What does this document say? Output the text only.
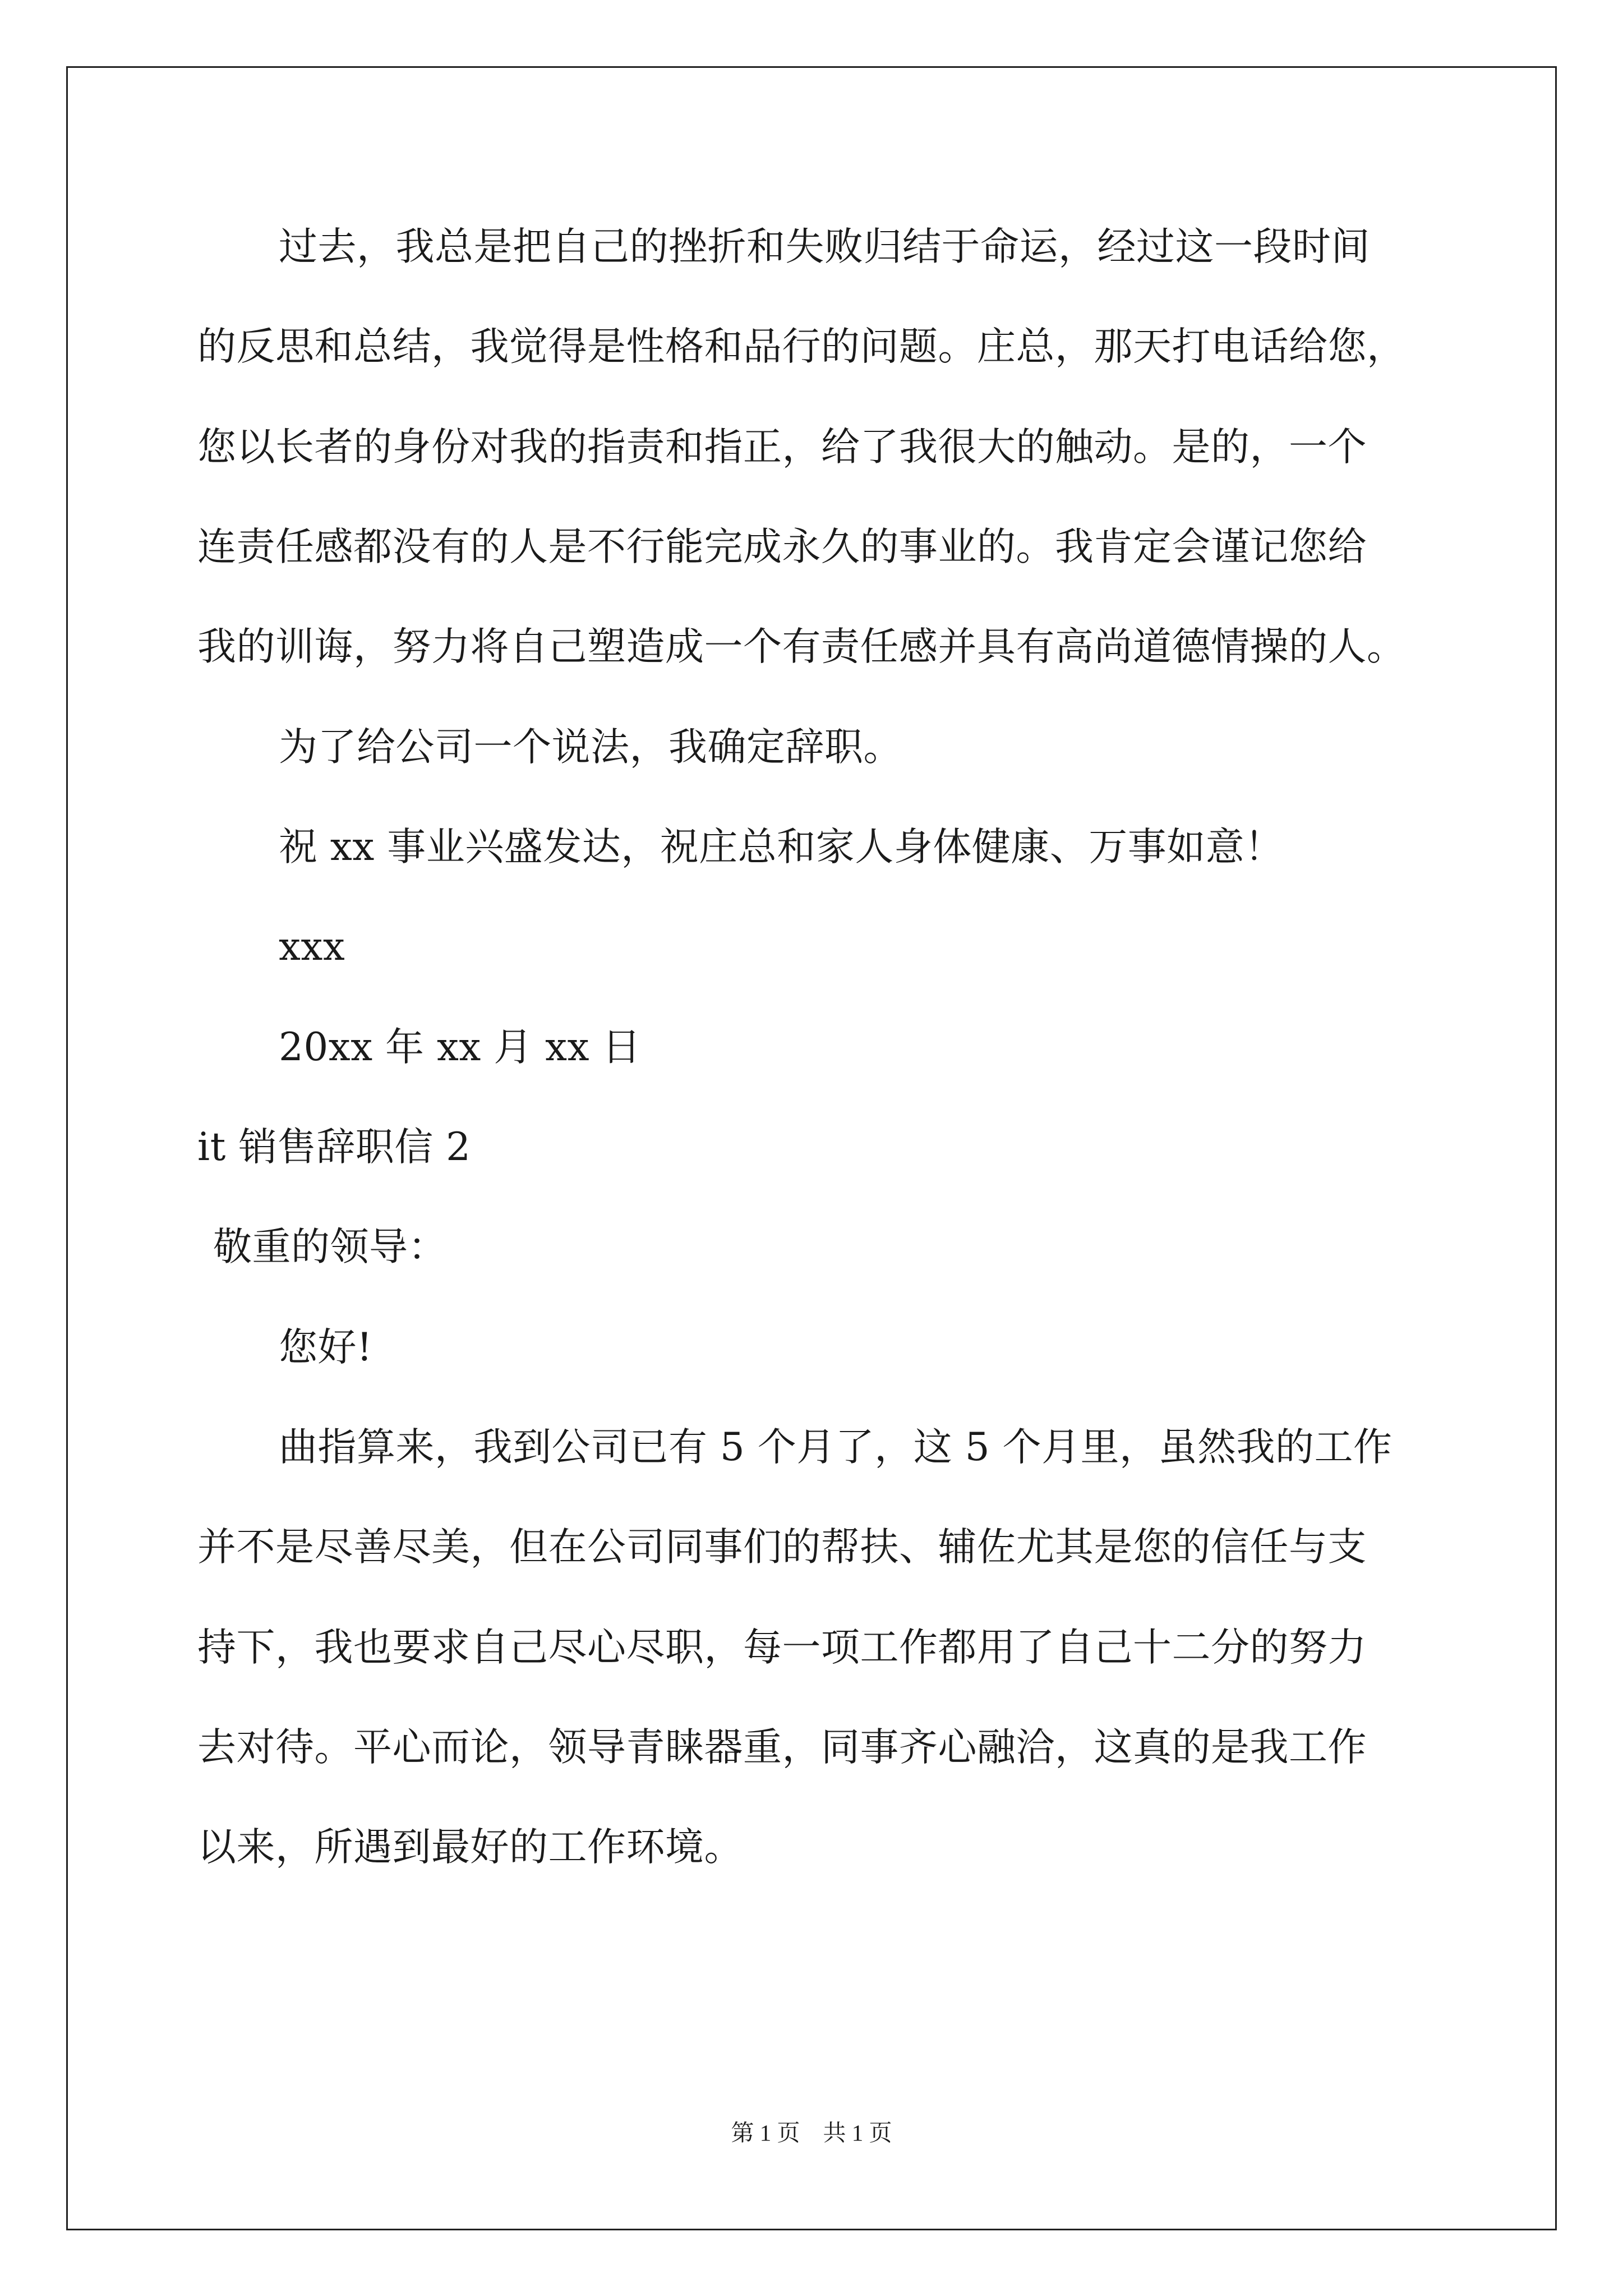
过去，我总是把自己的挫折和失败归结于命运，经过这一段时间
的反思和总结，我觉得是性格和品行的问题。庄总，那天打电话给您，
您以长者的身份对我的指责和指正，给了我很大的触动。是的，一个
连责任感都没有的人是不行能完成永久的事业的。我肯定会谨记您给
我的训诲，努力将自己塑造成一个有责任感并具有高尚道德情操的人。
为了给公司一个说法，我确定辞职。
祝 xx 事业兴盛发达，祝庄总和家人身体健康、万事如意！
xxx
20xx 年 xx 月 xx 日
it 销售辞职信 2
敬重的领导：
您好!
曲指算来，我到公司已有 5 个月了，这 5 个月里，虽然我的工作
并不是尽善尽美，但在公司同事们的帮扶、辅佐尤其是您的信任与支
持下，我也要求自己尽心尽职，每一项工作都用了自己十二分的努力
去对待。平心而论，领导青睐器重，同事齐心融洽，这真的是我工作
以来，所遇到最好的工作环境。
第 1 页　共 1 页
